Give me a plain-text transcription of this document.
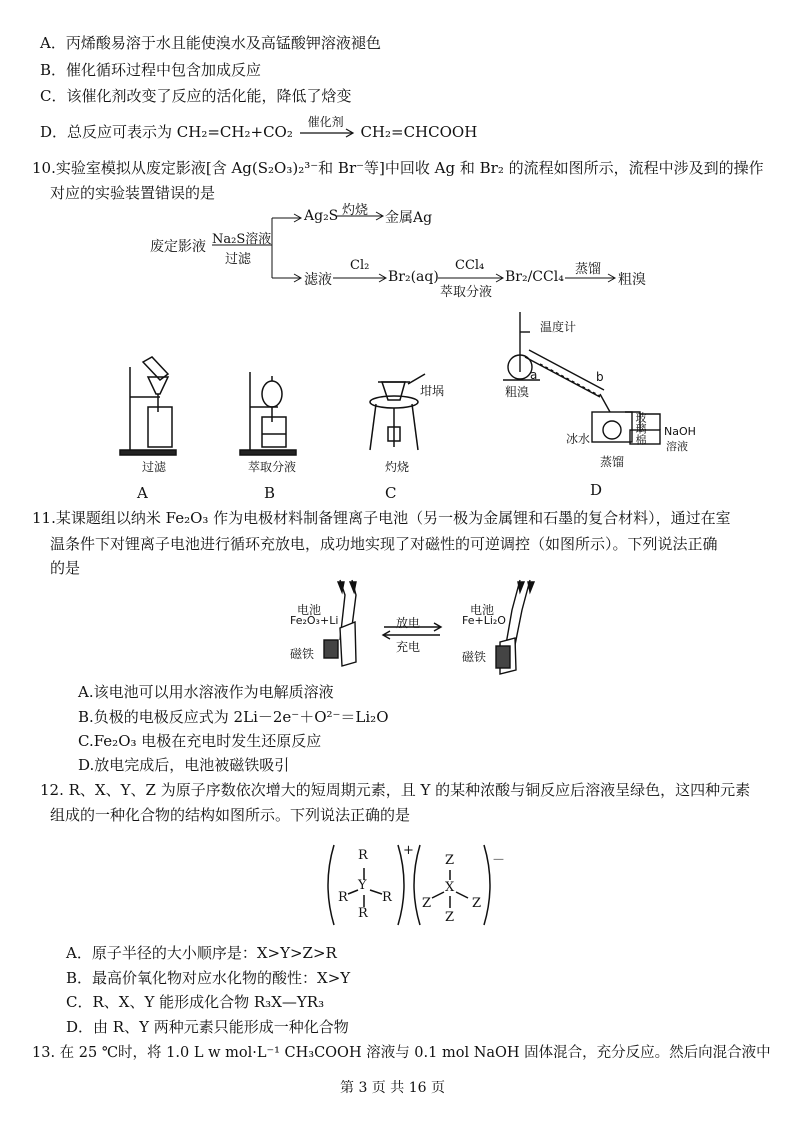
A．丙烯酸易溶于水且能使溴水及高锰酸钾溶液褪色
B．催化循环过程中包含加成反应
C．该催化剂改变了反应的活化能，降低了焓变
D．总反应可表示为 CH₂=CH₂+CO₂
催化剂
CH₂=CHCOOH
10.实验室模拟从废定影液[含 Ag(S₂O₃)₂³⁻和 Br⁻等]中回收 Ag 和 Br₂ 的流程如图所示，流程中涉及到的操作
对应的实验装置错误的是
废定影液 Na₂S溶液
过滤
Ag₂S 灼烧 金属Ag
滤液
Cl₂
Br₂(aq)
CCl₄
萃取分液
Br₂/CCl₄ 蒸馏
粗溴
温度计
粗溴
a	b
冰水	玻璃棉 NaOH
溶液
坩埚
过滤	萃取分液	灼烧	蒸馏
A	B	C	D
11.某课题组以纳米 Fe₂O₃ 作为电极材料制备锂离子电池（另一极为金属锂和石墨的复合材料），通过在室
温条件下对锂离子电池进行循环充放电，成功地实现了对磁性的可逆调控（如图所示）。下列说法正确
的是
电池
Fe₂O₃+Li
磁铁
放电
充电
电池
Fe+Li₂O
磁铁
A.该电池可以用水溶液作为电解质溶液
B.负极的电极反应式为 2Li－2e⁻＋O²⁻＝Li₂O
C.Fe₂O₃ 电极在充电时发生还原反应
D.放电完成后，电池被磁铁吸引
12. R、X、Y、Z 为原子序数依次增大的短周期元素，且 Y 的某种浓酸与铜反应后溶液呈绿色，这四种元素
组成的一种化合物的结构如图所示。下列说法正确的是
R
Y
R	R
R
+
Z
X
Z	Z
Z
－
A．原子半径的大小顺序是：X>Y>Z>R
B．最高价氧化物对应水化物的酸性：X>Y
C．R、X、Y 能形成化合物 R₃X—YR₃
D．由 R、Y 两种元素只能形成一种化合物
13. 在 25 ℃时，将 1.0 L w mol·L⁻¹ CH₃COOH 溶液与 0.1 mol NaOH 固体混合，充分反应。然后向混合液中
第 3 页 共 16 页
